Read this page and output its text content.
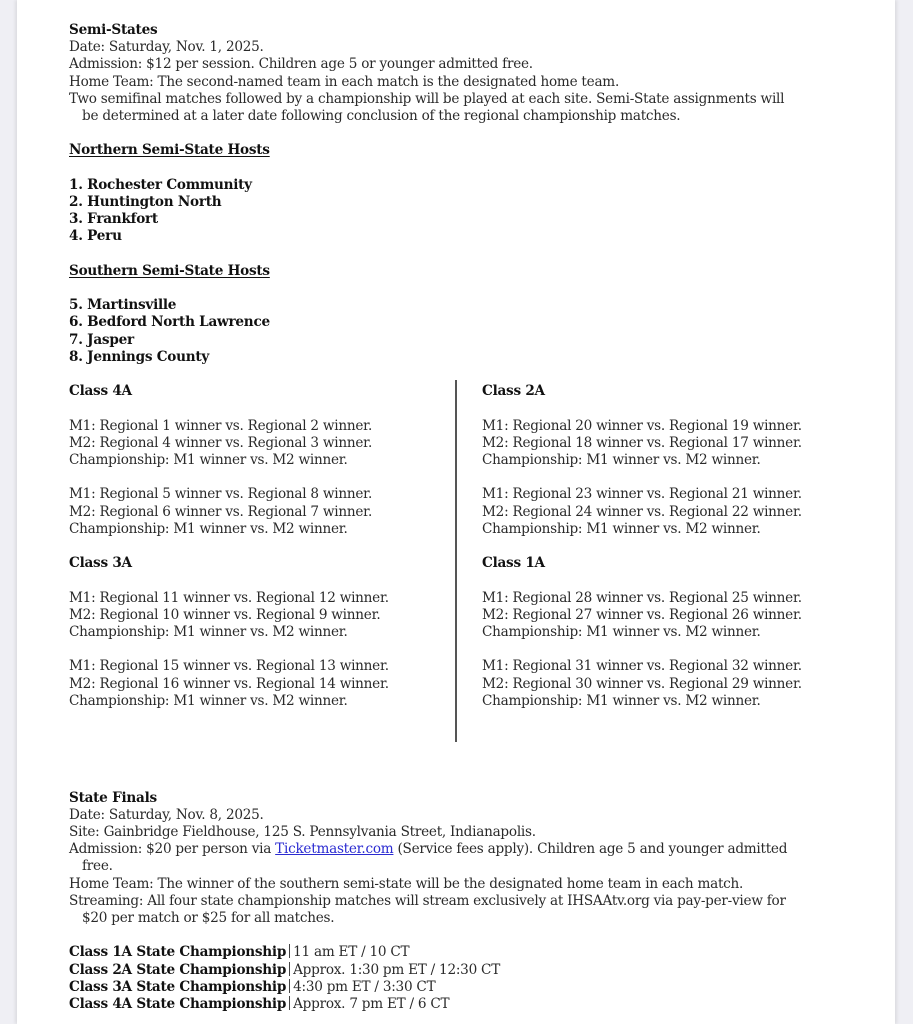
Semi-States
Date: Saturday, Nov. 1, 2025.
Admission: $12 per session. Children age 5 or younger admitted free.
Home Team: The second-named team in each match is the designated home team.
Two semifinal matches followed by a championship will be played at each site. Semi-State assignments will
be determined at a later date following conclusion of the regional championship matches.
Northern Semi-State Hosts
1. Rochester Community
2. Huntington North
3. Frankfort
4. Peru
Southern Semi-State Hosts
5. Martinsville
6. Bedford North Lawrence
7. Jasper
8. Jennings County
Class 4A
M1: Regional 1 winner vs. Regional 2 winner.
M2: Regional 4 winner vs. Regional 3 winner.
Championship: M1 winner vs. M2 winner.
M1: Regional 5 winner vs. Regional 8 winner.
M2: Regional 6 winner vs. Regional 7 winner.
Championship: M1 winner vs. M2 winner.
Class 3A
M1: Regional 11 winner vs. Regional 12 winner.
M2: Regional 10 winner vs. Regional 9 winner.
Championship: M1 winner vs. M2 winner.
M1: Regional 15 winner vs. Regional 13 winner.
M2: Regional 16 winner vs. Regional 14 winner.
Championship: M1 winner vs. M2 winner.
Class 2A
M1: Regional 20 winner vs. Regional 19 winner.
M2: Regional 18 winner vs. Regional 17 winner.
Championship: M1 winner vs. M2 winner.
M1: Regional 23 winner vs. Regional 21 winner.
M2: Regional 24 winner vs. Regional 22 winner.
Championship: M1 winner vs. M2 winner.
Class 1A
M1: Regional 28 winner vs. Regional 25 winner.
M2: Regional 27 winner vs. Regional 26 winner.
Championship: M1 winner vs. M2 winner.
M1: Regional 31 winner vs. Regional 32 winner.
M2: Regional 30 winner vs. Regional 29 winner.
Championship: M1 winner vs. M2 winner.
State Finals
Date: Saturday, Nov. 8, 2025.
Site: Gainbridge Fieldhouse, 125 S. Pennsylvania Street, Indianapolis.
Admission: $20 per person via Ticketmaster.com (Service fees apply). Children age 5 and younger admitted
free.
Home Team: The winner of the southern semi-state will be the designated home team in each match.
Streaming: All four state championship matches will stream exclusively at IHSAAtv.org via pay-per-view for
$20 per match or $25 for all matches.
Class 1A State Championship 11 am ET / 10 CT
Class 2A State Championship Approx. 1:30 pm ET / 12:30 CT
Class 3A State Championship 4:30 pm ET / 3:30 CT
Class 4A State Championship Approx. 7 pm ET / 6 CT
